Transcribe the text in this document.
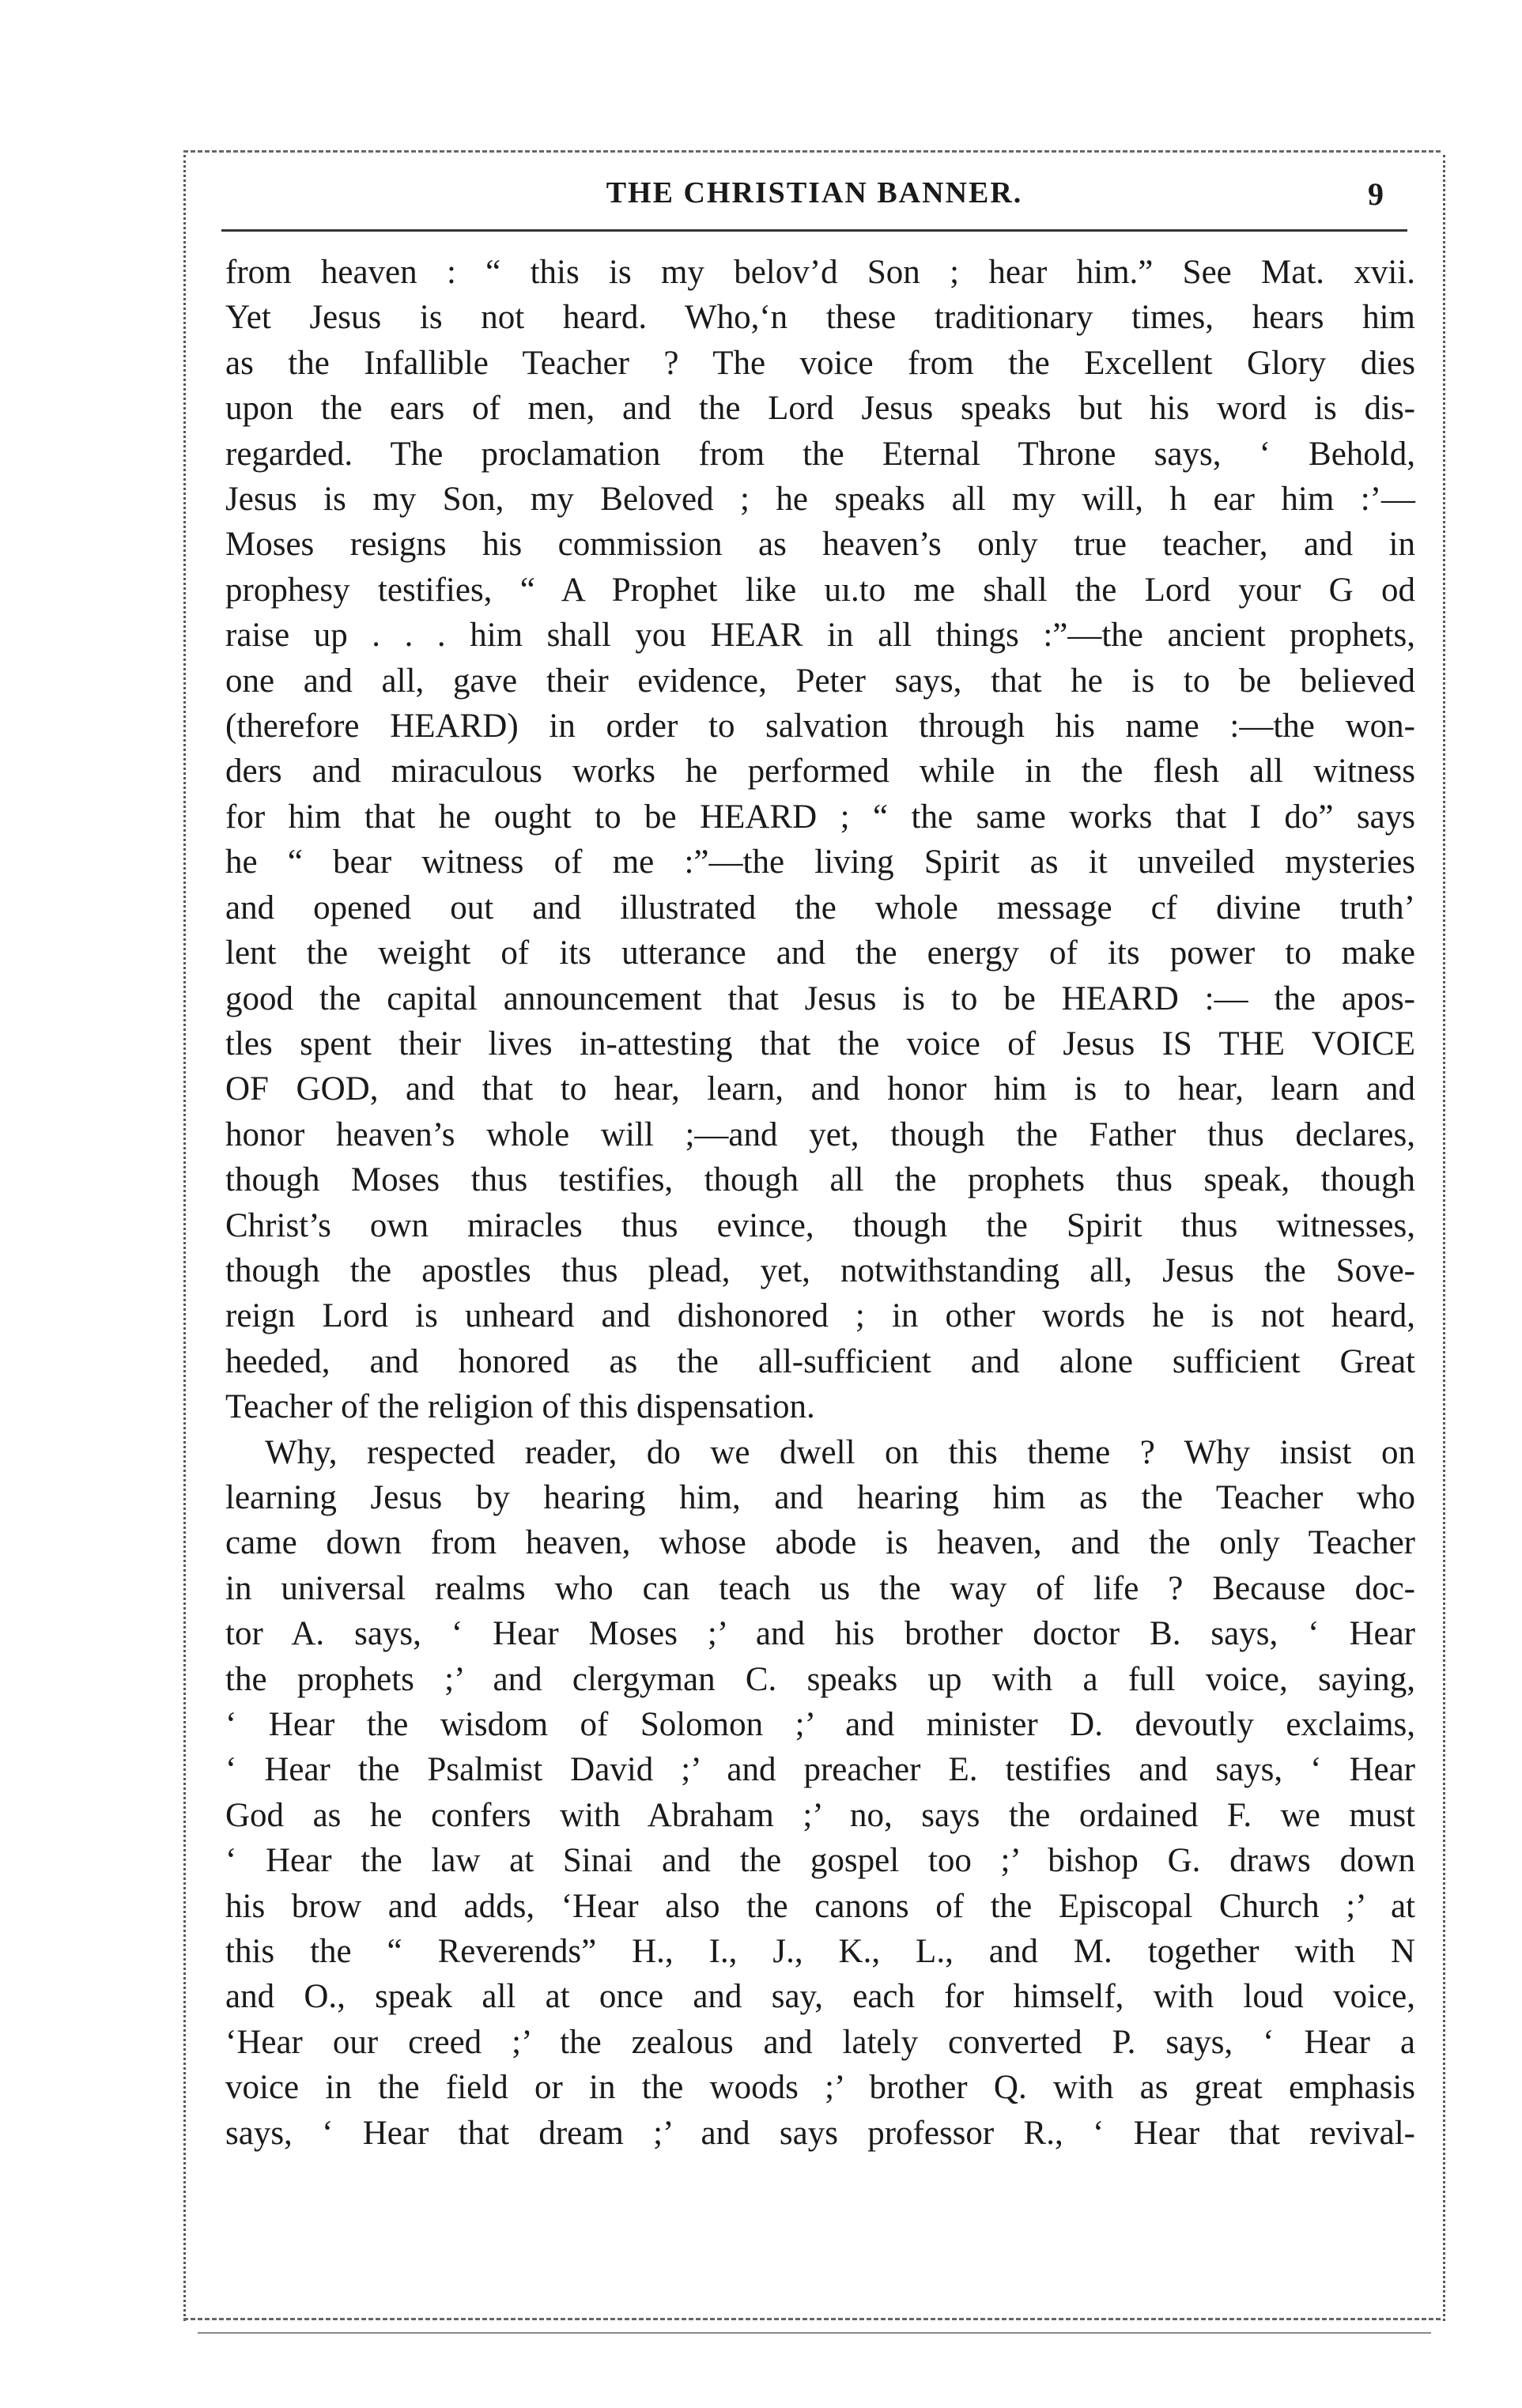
THE CHRISTIAN BANNER.	9
from heaven : “ this is my belov’d Son ; hear him.” See Mat. xvii.
Yet Jesus is not heard. Who,‘n these traditionary times, hears him
as the Infallible Teacher ? The voice from the Excellent Glory dies
upon the ears of men, and the Lord Jesus speaks but his word is dis-
regarded. The proclamation from the Eternal Throne says, ‘ Behold,
Jesus is my Son, my Beloved ; he speaks all my will, h ear him :’—
Moses resigns his commission as heaven’s only true teacher, and in
prophesy testifies, “ A Prophet like uı.to me shall the Lord your G od
raise up . . . him shall you HEAR in all things :”—the ancient prophets,
one and all, gave their evidence, Peter says, that he is to be believed
(therefore HEARD) in order to salvation through his name :—the won-
ders and miraculous works he performed while in the flesh all witness
for him that he ought to be HEARD ; “ the same works that I do” says
he “ bear witness of me :”—the living Spirit as it unveiled mysteries
and opened out and illustrated the whole message cf divine truth’
lent the weight of its utterance and the energy of its power to make
good the capital announcement that Jesus is to be HEARD :— the apos-
tles spent their lives in-attesting that the voice of Jesus IS THE VOICE
OF GOD, and that to hear, learn, and honor him is to hear, learn and
honor heaven’s whole will ;—and yet, though the Father thus declares,
though Moses thus testifies, though all the prophets thus speak, though
Christ’s own miracles thus evince, though the Spirit thus witnesses,
though the apostles thus plead, yet, notwithstanding all, Jesus the Sove-
reign Lord is unheard and dishonored ; in other words he is not heard,
heeded, and honored as the all-sufficient and alone sufficient Great
Teacher of the religion of this dispensation.
Why, respected reader, do we dwell on this theme ? Why insist on
learning Jesus by hearing him, and hearing him as the Teacher who
came down from heaven, whose abode is heaven, and the only Teacher
in universal realms who can teach us the way of life ? Because doc-
tor A. says, ‘ Hear Moses ;’ and his brother doctor B. says, ‘ Hear
the prophets ;’ and clergyman C. speaks up with a full voice, saying,
‘ Hear the wisdom of Solomon ;’ and minister D. devoutly exclaims,
‘ Hear the Psalmist David ;’ and preacher E. testifies and says, ‘ Hear
God as he confers with Abraham ;’ no, says the ordained F. we must
‘ Hear the law at Sinai and the gospel too ;’ bishop G. draws down
his brow and adds, ‘Hear also the canons of the Episcopal Church ;’ at
this the “ Reverends” H., I., J., K., L., and M. together with N
and O., speak all at once and say, each for himself, with loud voice,
‘Hear our creed ;’ the zealous and lately converted P. says, ‘ Hear a
voice in the field or in the woods ;’ brother Q. with as great emphasis
says, ‘ Hear that dream ;’ and says professor R., ‘ Hear that revival-
